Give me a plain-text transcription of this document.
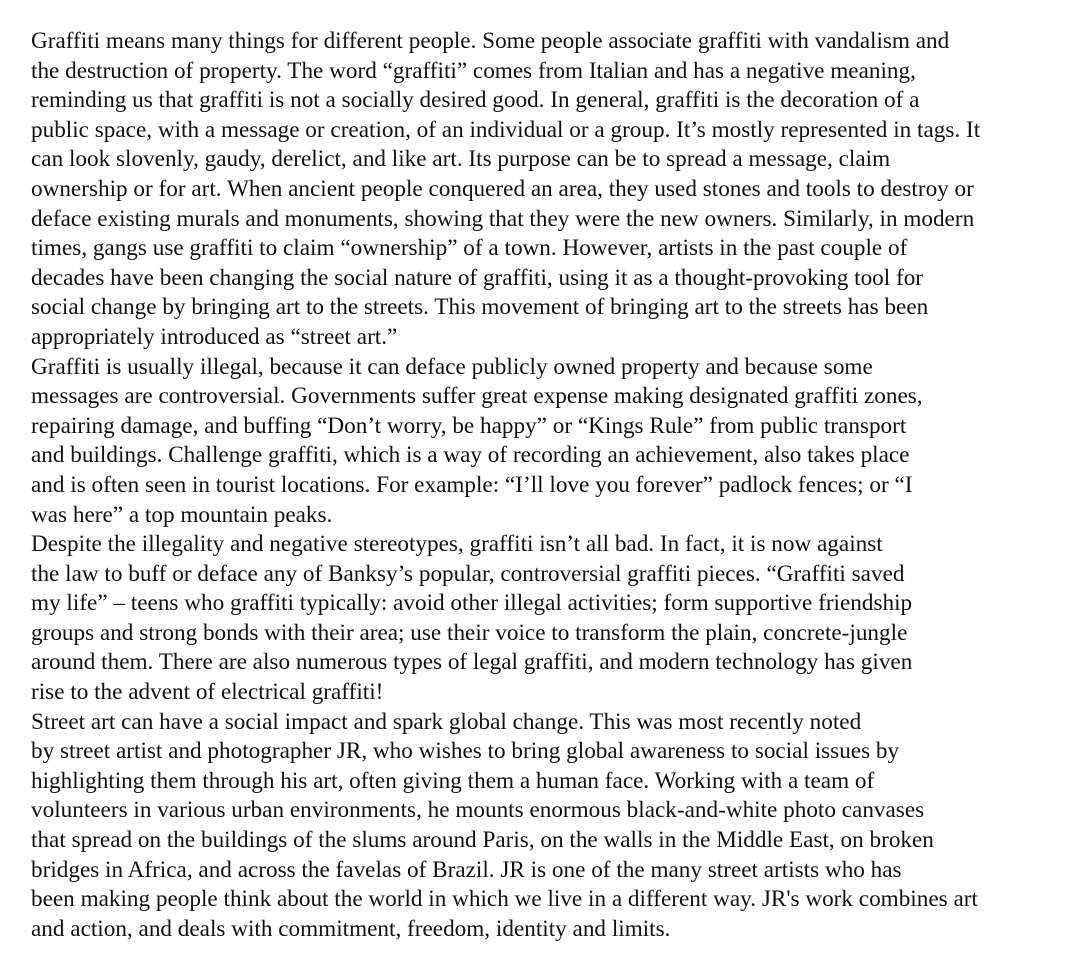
Graffiti means many things for different people. Some people associate graffiti with vandalism and
the destruction of property. The word “graffiti” comes from Italian and has a negative meaning,
reminding us that graffiti is not a socially desired good. In general, graffiti is the decoration of a
public space, with a message or creation, of an individual or a group. It’s mostly represented in tags. It
can look slovenly, gaudy, derelict, and like art. Its purpose can be to spread a message, claim
ownership or for art. When ancient people conquered an area, they used stones and tools to destroy or
deface existing murals and monuments, showing that they were the new owners. Similarly, in modern
times, gangs use graffiti to claim “ownership” of a town. However, artists in the past couple of
decades have been changing the social nature of graffiti, using it as a thought-provoking tool for
social change by bringing art to the streets. This movement of bringing art to the streets has been
appropriately introduced as “street art.”
Graffiti is usually illegal, because it can deface publicly owned property and because some
messages are controversial. Governments suffer great expense making designated graffiti zones,
repairing damage, and buffing “Don’t worry, be happy” or “Kings Rule” from public transport
and buildings. Challenge graffiti, which is a way of recording an achievement, also takes place
and is often seen in tourist locations. For example: “I’ll love you forever” padlock fences; or “I
was here” a top mountain peaks.
Despite the illegality and negative stereotypes, graffiti isn’t all bad. In fact, it is now against
the law to buff or deface any of Banksy’s popular, controversial graffiti pieces. “Graffiti saved
my life” – teens who graffiti typically: avoid other illegal activities; form supportive friendship
groups and strong bonds with their area; use their voice to transform the plain, concrete-jungle
around them. There are also numerous types of legal graffiti, and modern technology has given
rise to the advent of electrical graffiti!
Street art can have a social impact and spark global change. This was most recently noted
by street artist and photographer JR, who wishes to bring global awareness to social issues by
highlighting them through his art, often giving them a human face. Working with a team of
volunteers in various urban environments, he mounts enormous black-and-white photo canvases
that spread on the buildings of the slums around Paris, on the walls in the Middle East, on broken
bridges in Africa, and across the favelas of Brazil. JR is one of the many street artists who has
been making people think about the world in which we live in a different way. JR's work combines art
and action, and deals with commitment, freedom, identity and limits.
